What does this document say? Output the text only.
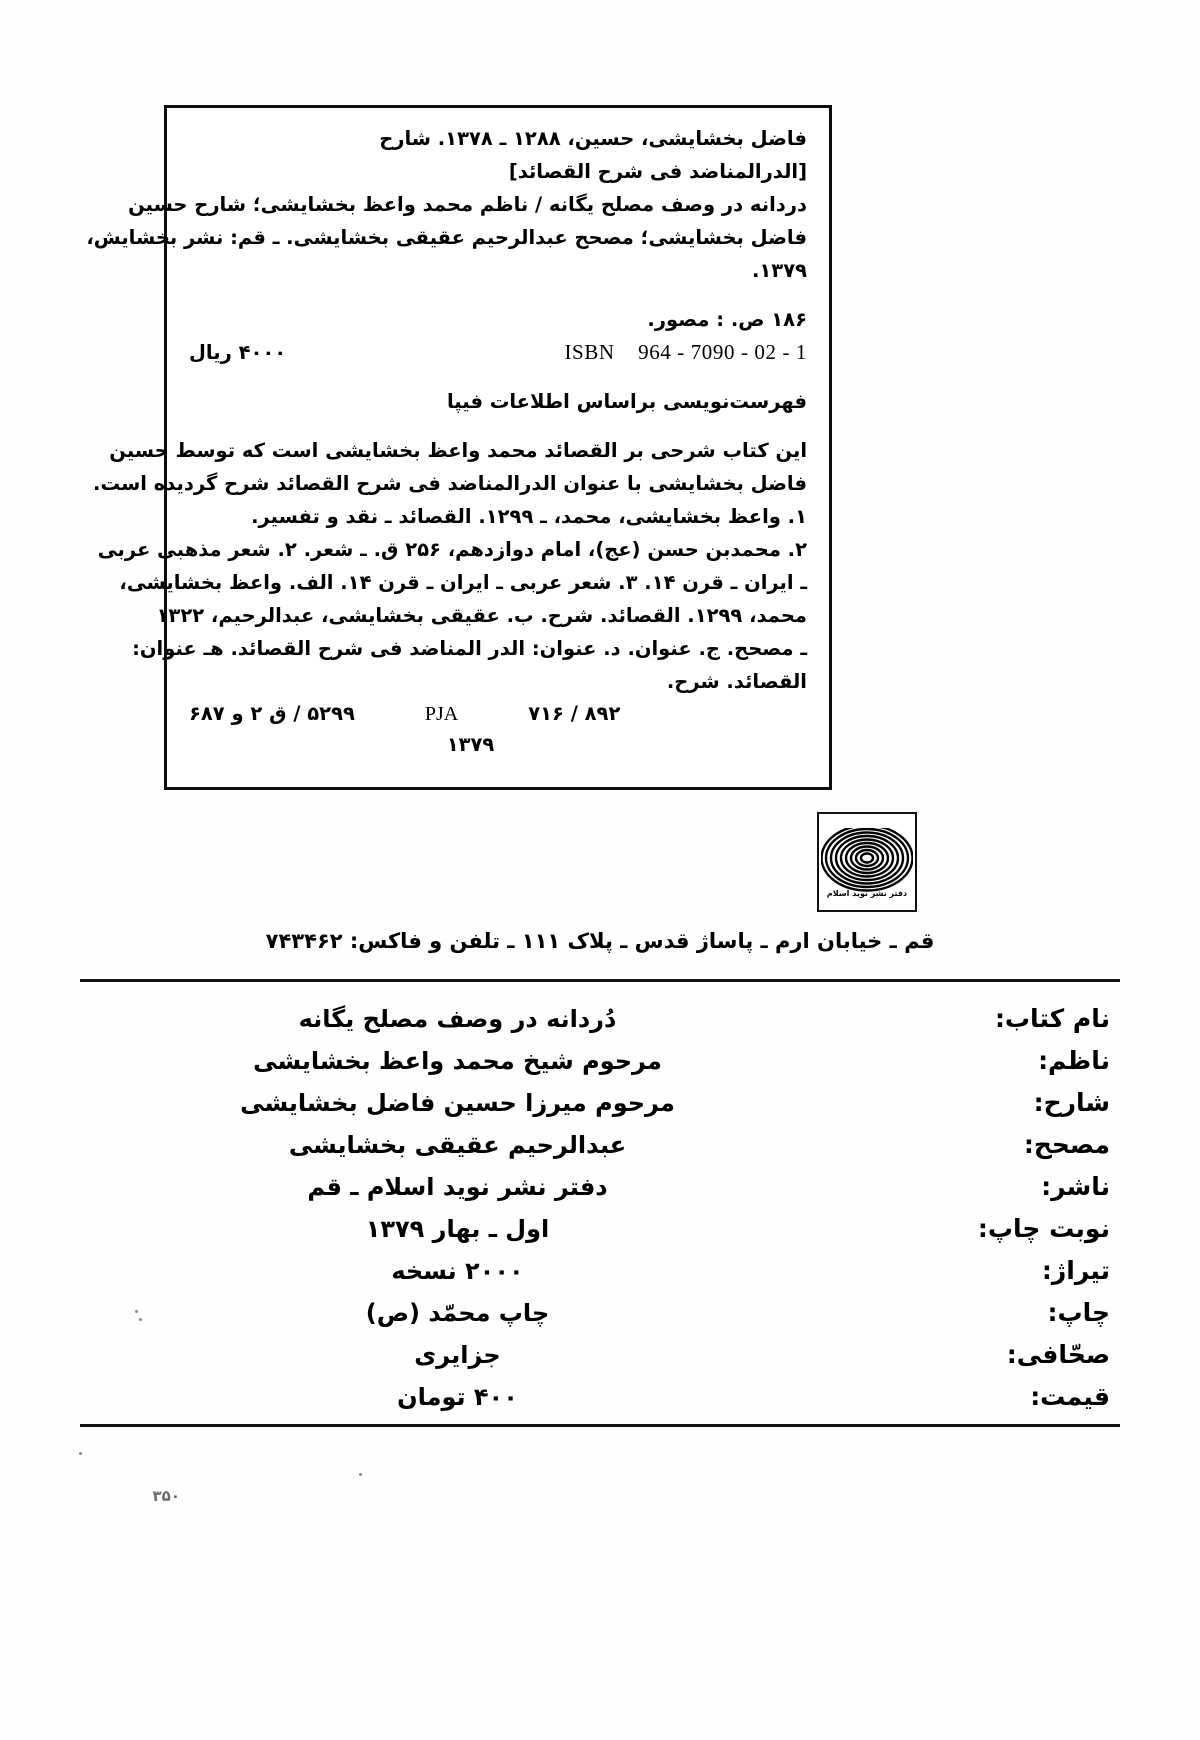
فاضل بخشایشی، حسین، ۱۲۸۸ ـ ۱۳۷۸. شارح
[الدرالمناضد فی شرح القصائد]
دردانه در وصف مصلح یگانه / ناظم محمد واعظ بخشایشی؛ شارح حسین
فاضل بخشایشی؛ مصحح عبدالرحیم عقیقی بخشایشی. ـ قم: نشر بخشایش،
۱۳۷۹.
۱۸۶ ص. : مصور.
۴۰۰۰ ریال	ISBN 964 - 7090 - 02 - 1
فهرست‌نویسی براساس اطلاعات فیپا
این کتاب شرحی بر القصائد محمد واعظ بخشایشی است که توسط حسین
فاضل بخشایشی با عنوان الدرالمناضد فی شرح القصائد شرح گردیده است.
۱. واعظ بخشایشی، محمد، ـ ۱۲۹۹. القصائد ـ نقد و تفسیر.
۲. محمدبن حسن (عج)، امام دوازدهم، ۲۵۶ ق. ـ شعر. ۲. شعر مذهبی عربی
ـ ایران ـ قرن ۱۴. ۳. شعر عربی ـ ایران ـ قرن ۱۴. الف. واعظ بخشایشی،
محمد، ۱۲۹۹. القصائد. شرح. ب. عقیقی بخشایشی، عبدالرحیم، ۱۳۲۲
ـ مصحح. ج. عنوان. د. عنوان: الدر المناضد فی شرح القصائد. هـ عنوان:
القصائد. شرح.
۵۲۹۹ / ق ۲ و ۶۸۷	PJA	۸۹۲ / ۷۱۶
۱۳۷۹
دفتر نشر نوید اسلام
قم ـ خیابان ارم ـ پاساژ قدس ـ پلاک ۱۱۱ ـ تلفن و فاکس: ۷۴۳۴۶۲
نام کتاب:
دُردانه در وصف مصلح یگانه
ناظم:
مرحوم شیخ محمد واعظ بخشایشی
شارح:
مرحوم میرزا حسین فاضل بخشایشی
مصحح:
عبدالرحیم عقیقی بخشایشی
ناشر:
دفتر نشر نوید اسلام ـ قم
نوبت چاپ:
اول ـ بهار ۱۳۷۹
تیراژ:
۲۰۰۰ نسخه
چاپ:
چاپ محمّد (ص)
صحّافی:
جزایری
قیمت:
۴۰۰ تومان
۳۵۰
